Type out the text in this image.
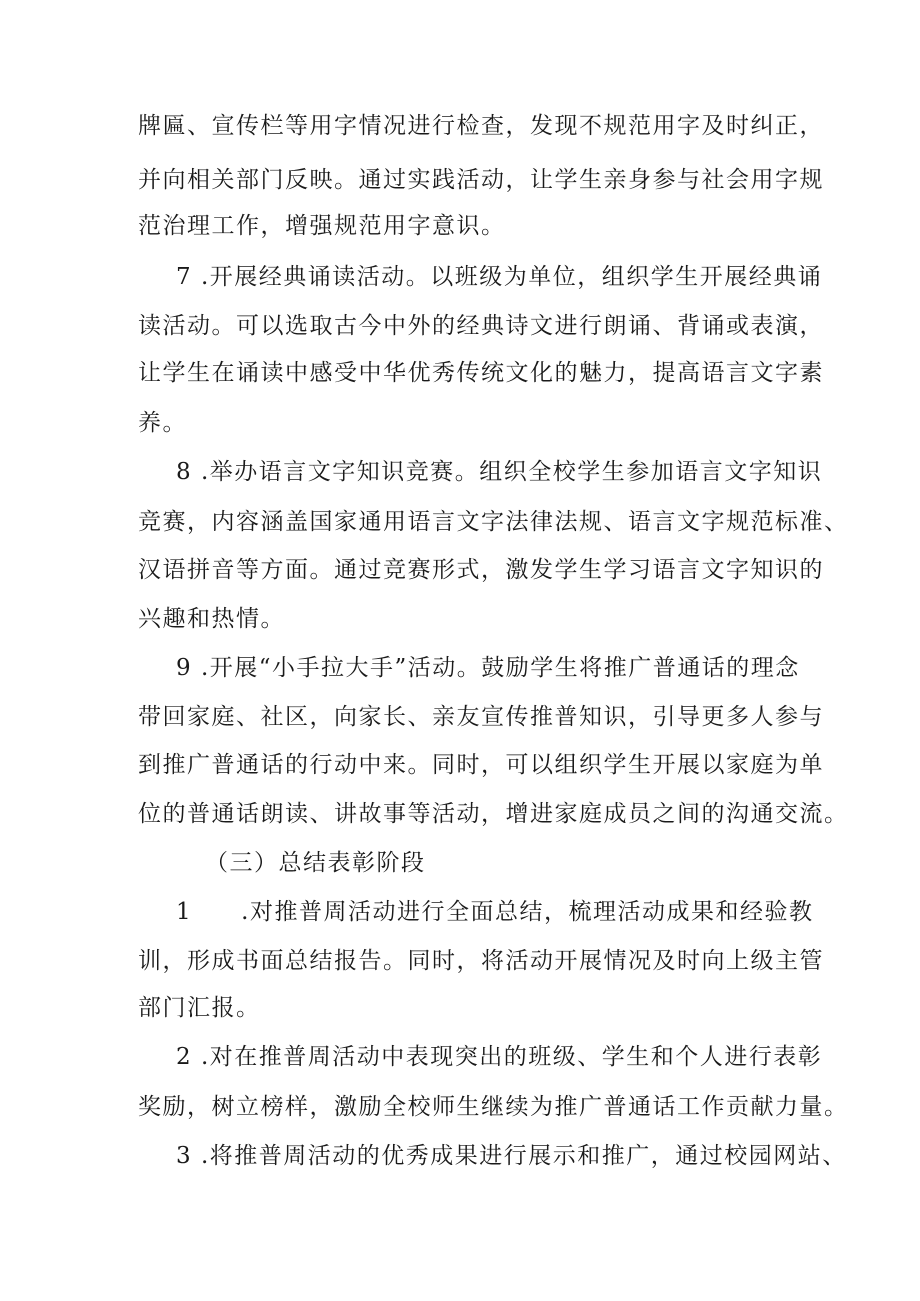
牌匾、宣传栏等用字情况进行检查，发现不规范用字及时纠正，
并向相关部门反映。通过实践活动，让学生亲身参与社会用字规
范治理工作，增强规范用字意识。
7 .开展经典诵读活动。以班级为单位，组织学生开展经典诵
读活动。可以选取古今中外的经典诗文进行朗诵、背诵或表演，
让学生在诵读中感受中华优秀传统文化的魅力，提高语言文字素
养。
8 .举办语言文字知识竞赛。组织全校学生参加语言文字知识
竞赛，内容涵盖国家通用语言文字法律法规、语言文字规范标准、
汉语拼音等方面。通过竞赛形式，激发学生学习语言文字知识的
兴趣和热情。
9 .开展“小手拉大手”活动。鼓励学生将推广普通话的理念
带回家庭、社区，向家长、亲友宣传推普知识，引导更多人参与
到推广普通话的行动中来。同时，可以组织学生开展以家庭为单
位的普通话朗读、讲故事等活动，增进家庭成员之间的沟通交流。
（三）总结表彰阶段
1　　.对推普周活动进行全面总结，梳理活动成果和经验教
训，形成书面总结报告。同时，将活动开展情况及时向上级主管
部门汇报。
2 .对在推普周活动中表现突出的班级、学生和个人进行表彰
奖励，树立榜样，激励全校师生继续为推广普通话工作贡献力量。
3 .将推普周活动的优秀成果进行展示和推广，通过校园网站、
